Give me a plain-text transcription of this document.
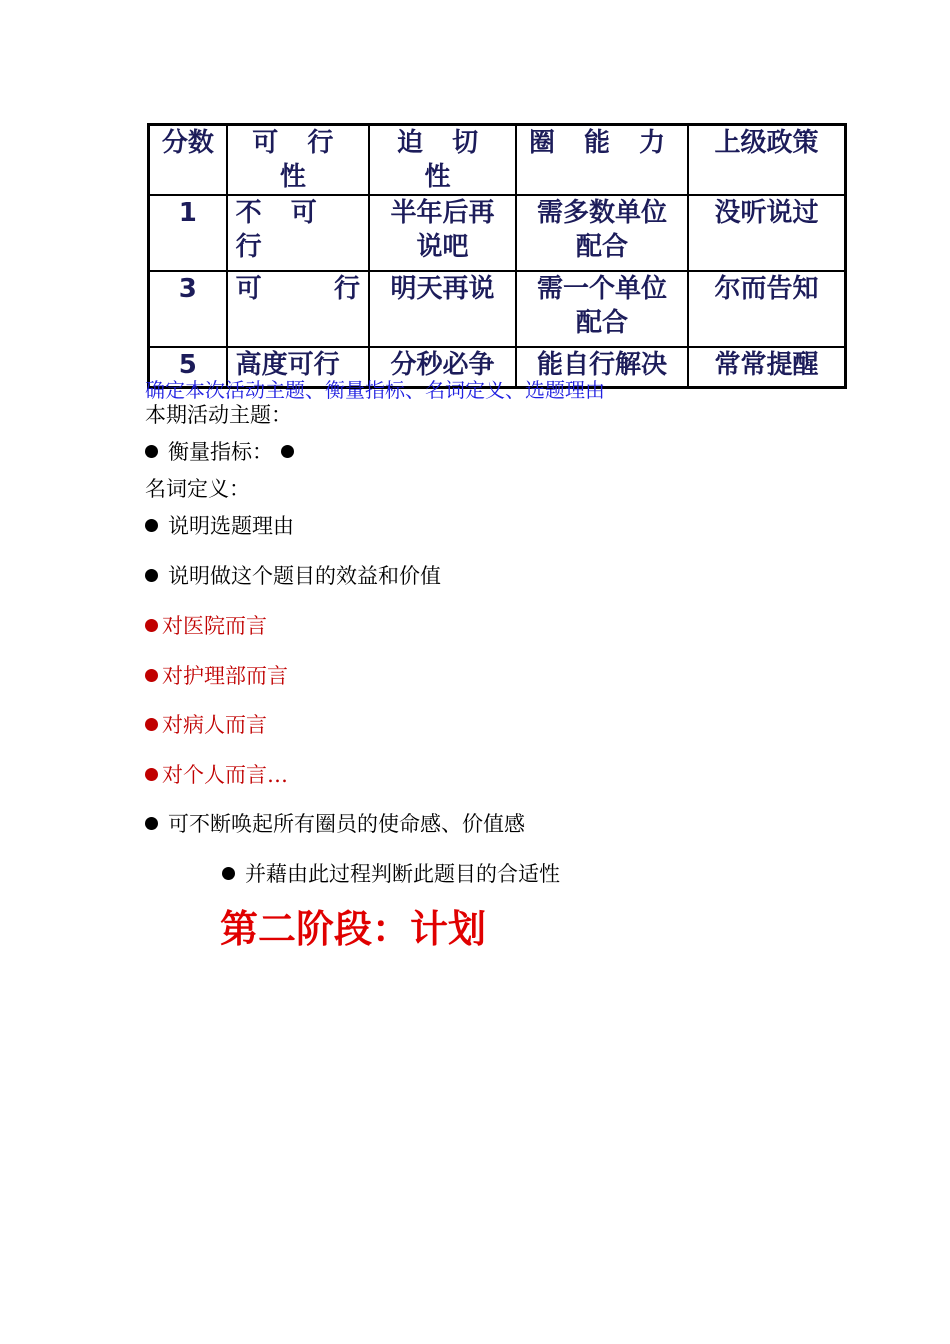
分数	可 行 性	迫 切 性	圈 能 力	上级政策
1	不 可 行	半年后再说吧	需多数单位配合	没听说过
3	可 行	明天再说	需一个单位配合	尔而告知
5	高度可行	分秒必争	能自行解决	常常提醒
确定本次活动主题、衡量指标、名词定义、选题理由
本期活动主题：
衡量指标：
名词定义：
说明选题理由
说明做这个题目的效益和价值
对医院而言
对护理部而言
对病人而言
对个人而言…
可不断唤起所有圈员的使命感、价值感
并藉由此过程判断此题目的合适性
第二阶段：计划
